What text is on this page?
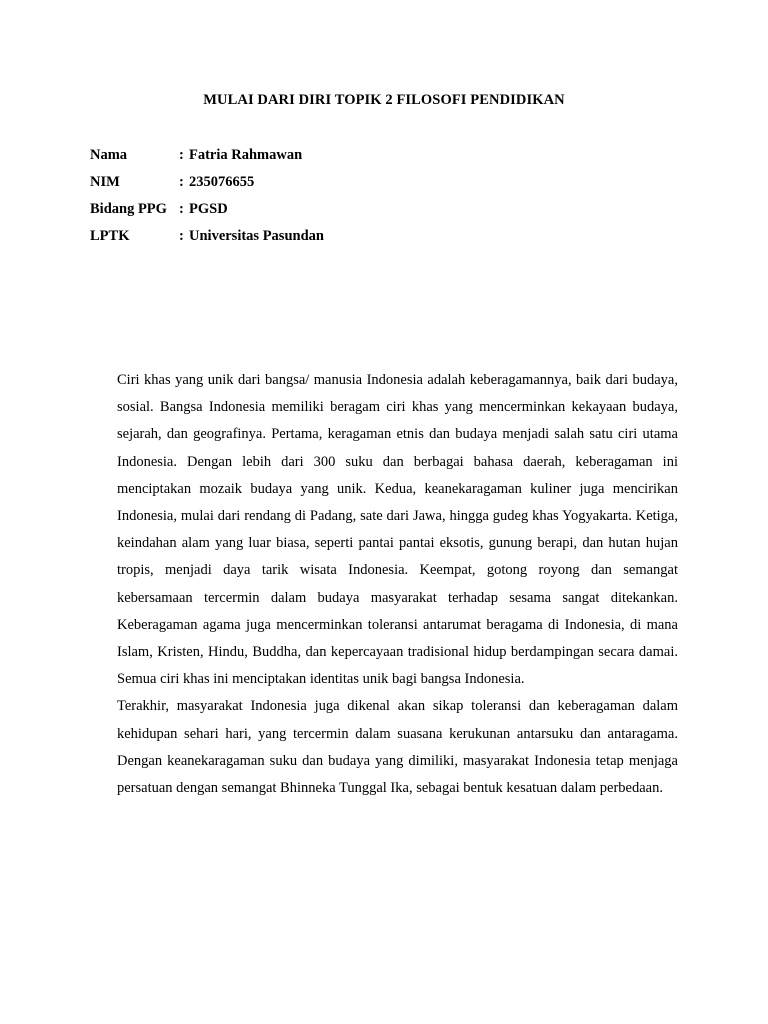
MULAI DARI DIRI TOPIK 2 FILOSOFI PENDIDIKAN
Nama	: Fatria Rahmawan
NIM	: 235076655
Bidang PPG : PGSD
LPTK	: Universitas Pasundan

Ciri khas yang unik dari bangsa/ manusia Indonesia adalah keberagamannya, baik dari budaya, sosial. Bangsa Indonesia memiliki beragam ciri khas yang mencerminkan kekayaan budaya, sejarah, dan geografinya. Pertama, keragaman etnis dan budaya menjadi salah satu ciri utama Indonesia. Dengan lebih dari 300 suku dan berbagai bahasa daerah, keberagaman ini menciptakan mozaik budaya yang unik. Kedua, keanekaragaman kuliner juga mencirikan Indonesia, mulai dari rendang di Padang, sate dari Jawa, hingga gudeg khas Yogyakarta. Ketiga, keindahan alam yang luar biasa, seperti pantai pantai eksotis, gunung berapi, dan hutan hujan tropis, menjadi daya tarik wisata Indonesia. Keempat, gotong royong dan semangat kebersamaan tercermin dalam budaya masyarakat terhadap sesama sangat ditekankan. Keberagaman agama juga mencerminkan toleransi antarumat beragama di Indonesia, di mana Islam, Kristen, Hindu, Buddha, dan kepercayaan tradisional hidup berdampingan secara damai. Semua ciri khas ini menciptakan identitas unik bagi bangsa Indonesia.

Terakhir, masyarakat Indonesia juga dikenal akan sikap toleransi dan keberagaman dalam kehidupan sehari hari, yang tercermin dalam suasana kerukunan antarsuku dan antaragama. Dengan keanekaragaman suku dan budaya yang dimiliki, masyarakat Indonesia tetap menjaga persatuan dengan semangat Bhinneka Tunggal Ika, sebagai bentuk kesatuan dalam perbedaan.
